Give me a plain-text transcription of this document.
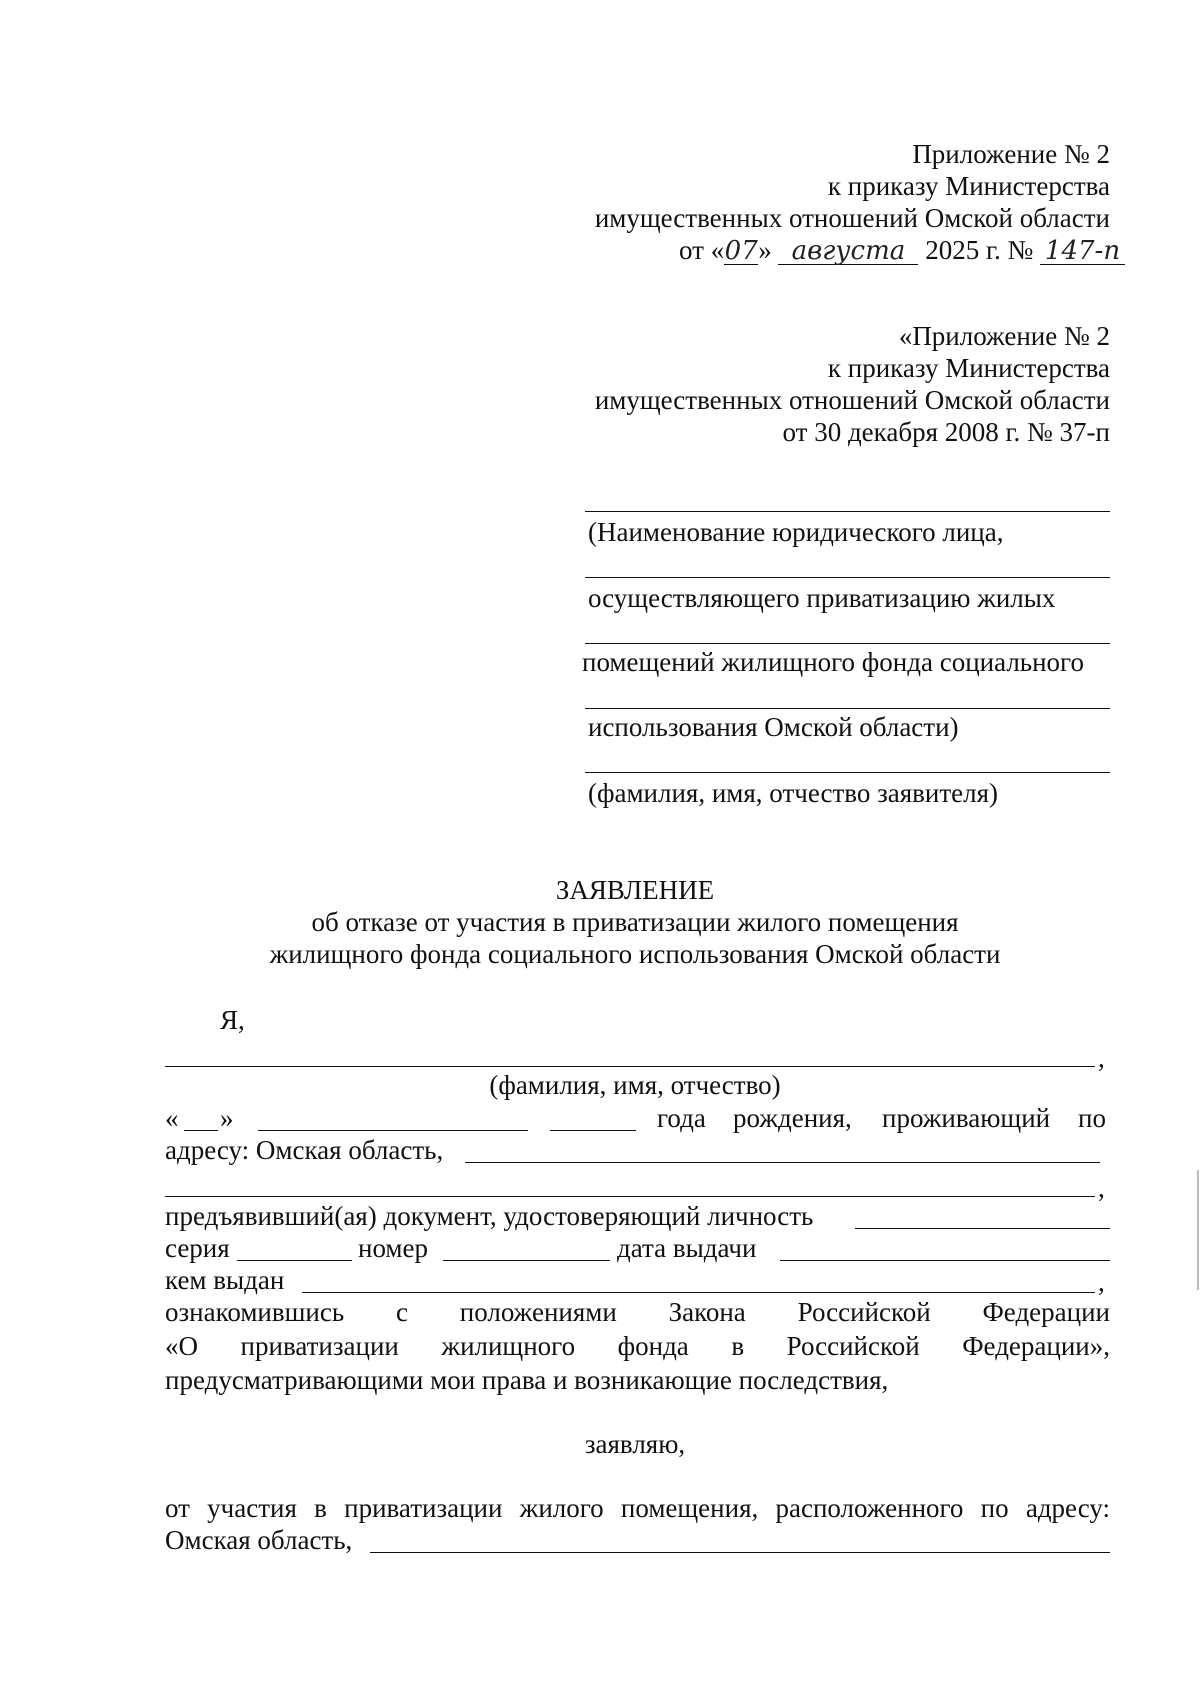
Приложение № 2
к приказу Министерства
имущественных отношений Омской области
от «07» августа 2025 г. № 147-п
«Приложение № 2
к приказу Министерства
имущественных отношений Омской области
от 30 декабря 2008 г. № 37-п
(Наименование юридического лица,
осуществляющего приватизацию жилых
помещений жилищного фонда социального
использования Омской области)
(фамилия, имя, отчество заявителя)
ЗАЯВЛЕНИЕ
об отказе от участия в приватизации жилого помещения
жилищного фонда социального использования Омской области
Я,
,
(фамилия, имя, отчество)
« »	года рождения, проживающий по
адресу: Омская область,
,
предъявивший(ая) документ, удостоверяющий личность
серия	номер	дата выдачи
кем выдан	,
ознакомившись с положениями Закона Российской Федерации
«О приватизации жилищного фонда в Российской Федерации»,
предусматривающими мои права и возникающие последствия,
заявляю,
от участия в приватизации жилого помещения, расположенного по адресу:
Омская область,
